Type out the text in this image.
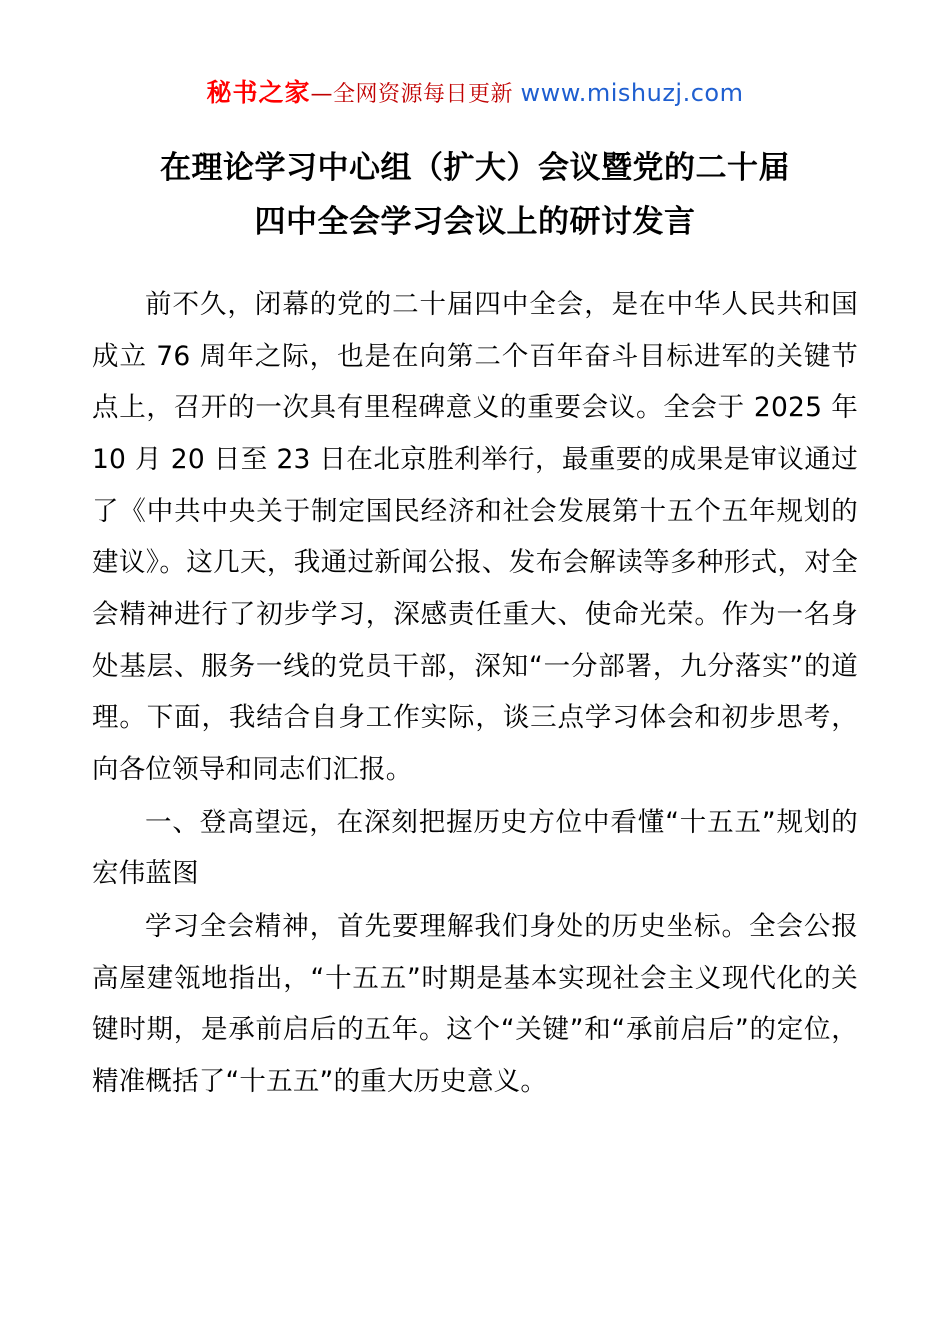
秘书之家—全网资源每日更新 www.mishuzj.com
在理论学习中心组（扩大）会议暨党的二十届
四中全会学习会议上的研讨发言

前不久，闭幕的党的二十届四中全会，是在中华人民共和国成立 76 周年之际，也是在向第二个百年奋斗目标进军的关键节点上，召开的一次具有里程碑意义的重要会议。全会于 2025 年 10 月 20 日至 23 日在北京胜利举行，最重要的成果是审议通过了《中共中央关于制定国民经济和社会发展第十五个五年规划的建议》。这几天，我通过新闻公报、发布会解读等多种形式，对全会精神进行了初步学习，深感责任重大、使命光荣。作为一名身处基层、服务一线的党员干部，深知“一分部署，九分落实”的道理。下面，我结合自身工作实际，谈三点学习体会和初步思考，向各位领导和同志们汇报。

一、登高望远，在深刻把握历史方位中看懂“十五五”规划的宏伟蓝图

学习全会精神，首先要理解我们身处的历史坐标。全会公报高屋建瓴地指出，“十五五”时期是基本实现社会主义现代化的关键时期，是承前启后的五年。这个“关键”和“承前启后”的定位，精准概括了“十五五”的重大历史意义。
